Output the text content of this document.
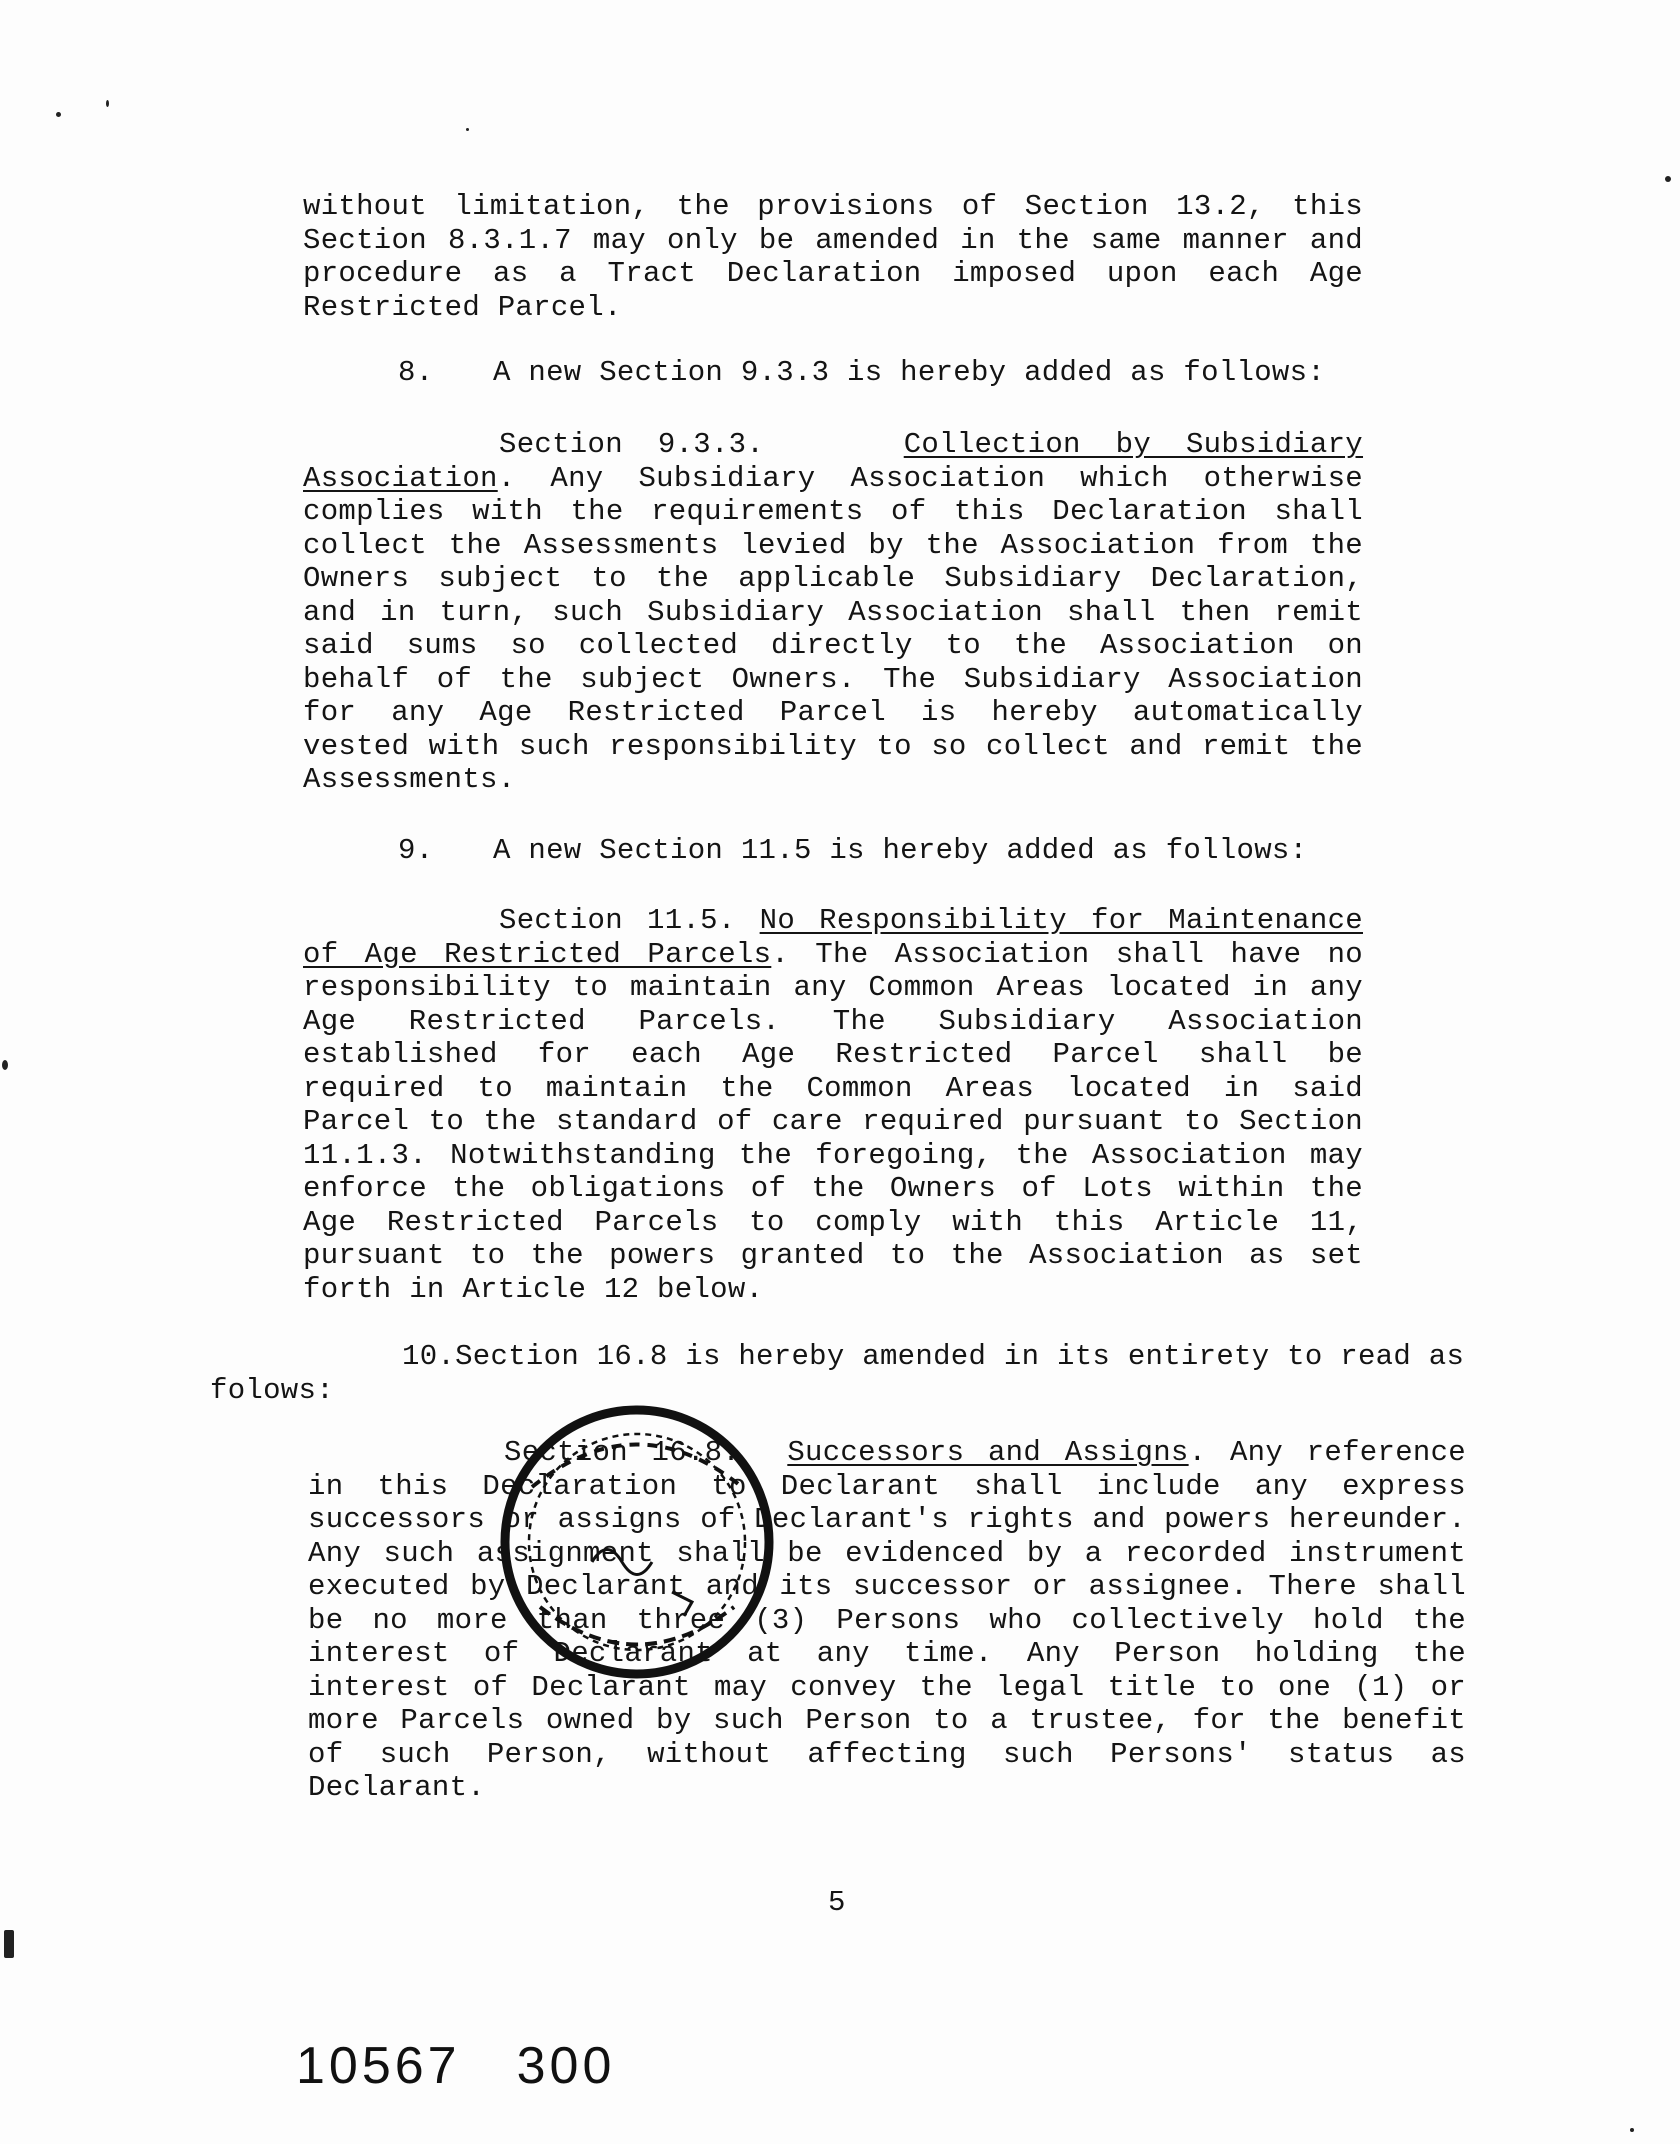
without limitation, the provisions of Section 13.2, this Section 8.3.1.7 may only be amended in the same manner and procedure as a Tract Declaration imposed upon each Age Restricted Parcel.
8. A new Section 9.3.3 is hereby added as follows:
Section 9.3.3.	Collection by Subsidiary Association. Any Subsidiary Association which otherwise complies with the requirements of this Declaration shall collect the Assessments levied by the Association from the Owners subject to the applicable Subsidiary Declaration, and in turn, such Subsidiary Association shall then remit said sums so collected directly to the Association on behalf of the subject Owners. The Subsidiary Association for any Age Restricted Parcel is hereby automatically vested with such responsibility to so collect and remit the Assessments.
9. A new Section 11.5 is hereby added as follows:
Section 11.5. No Responsibility for Maintenance of Age Restricted Parcels. The Association shall have no responsibility to maintain any Common Areas located in any Age Restricted Parcels. The Subsidiary Association established for each Age Restricted Parcel shall be required to maintain the Common Areas located in said Parcel to the standard of care required pursuant to Section 11.1.3. Notwithstanding the foregoing, the Association may enforce the obligations of the Owners of Lots within the Age Restricted Parcels to comply with this Article 11, pursuant to the powers granted to the Association as set forth in Article 12 below.
10.Section 16.8 is hereby amended in its entirety to read as folows:
Section 16.8. Successors and Assigns. Any reference in this Declaration to Declarant shall include any express successors or assigns of Declarant's rights and powers hereunder. Any such assignment shall be evidenced by a recorded instrument executed by Declarant and its successor or assignee. There shall be no more than three (3) Persons who collectively hold the interest of Declarant at any time. Any Person holding the interest of Declarant may convey the legal title to one (1) or more Parcels owned by such Person to a trustee, for the benefit of such Person, without affecting such Persons' status as Declarant.
5
10567 300
